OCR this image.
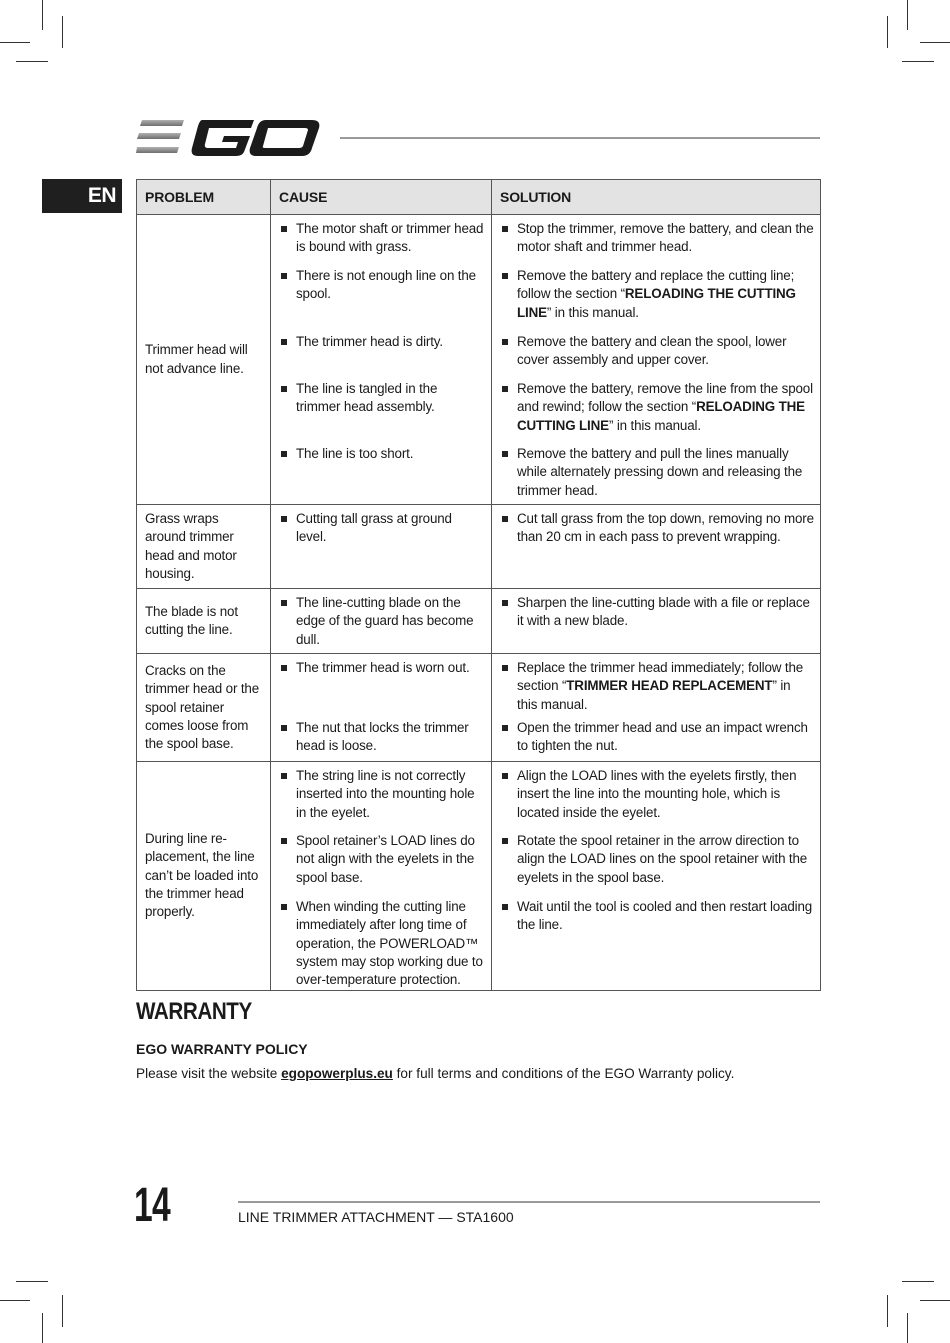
EN	PROBLEM	CAUSE	SOLUTION
Trimmer head will not advance line.	The motor shaft or trimmer head is bound with grass.	Stop the trimmer, remove the battery, and clean the motor shaft and trimmer head.

	There is not enough line on the spool.	Remove the battery and replace the cutting line; follow the section “RELOADING THE CUTTING LINE” in this manual.

	The trimmer head is dirty.	Remove the battery and clean the spool, lower cover assembly and upper cover.

	The line is tangled in the trimmer head assembly.	Remove the battery, remove the line from the spool and rewind; follow the section “RELOADING THE CUTTING LINE” in this manual.

	The line is too short.	Remove the battery and pull the lines manually while alternately pressing down and releasing the trimmer head.

Grass wraps around trimmer head and motor housing.	Cutting tall grass at ground level.	Cut tall grass from the top down, removing no more than 20 cm in each pass to prevent wrapping.

The blade is not cutting the line.	The line-cutting blade on the edge of the guard has become dull.	Sharpen the line-cutting blade with a file or replace it with a new blade.

Cracks on the trimmer head or the spool retainer comes loose from the spool base.	The trimmer head is worn out.	Replace the trimmer head immediately; follow the section “TRIMMER HEAD REPLACEMENT” in this manual.

	The nut that locks the trimmer head is loose.	Open the trimmer head and use an impact wrench to tighten the nut.

During line re-placement, the line can’t be loaded into the trimmer head properly.	The string line is not correctly inserted into the mounting hole in the eyelet.	Align the LOAD lines with the eyelets firstly, then insert the line into the mounting hole, which is located inside the eyelet.

	Spool retainer’s LOAD lines do not align with the eyelets in the spool base.	Rotate the spool retainer in the arrow direction to align the LOAD lines on the spool retainer with the eyelets in the spool base.

	When winding the cutting line immediately after long time of operation, the POWERLOAD™ system may stop working due to over-temperature protection.	Wait until the tool is cooled and then restart loading the line.
WARRANTY
EGO WARRANTY POLICY
Please visit the website egopowerplus.eu for full terms and conditions of the EGO Warranty policy.
14	LINE TRIMMER ATTACHMENT — STA1600
